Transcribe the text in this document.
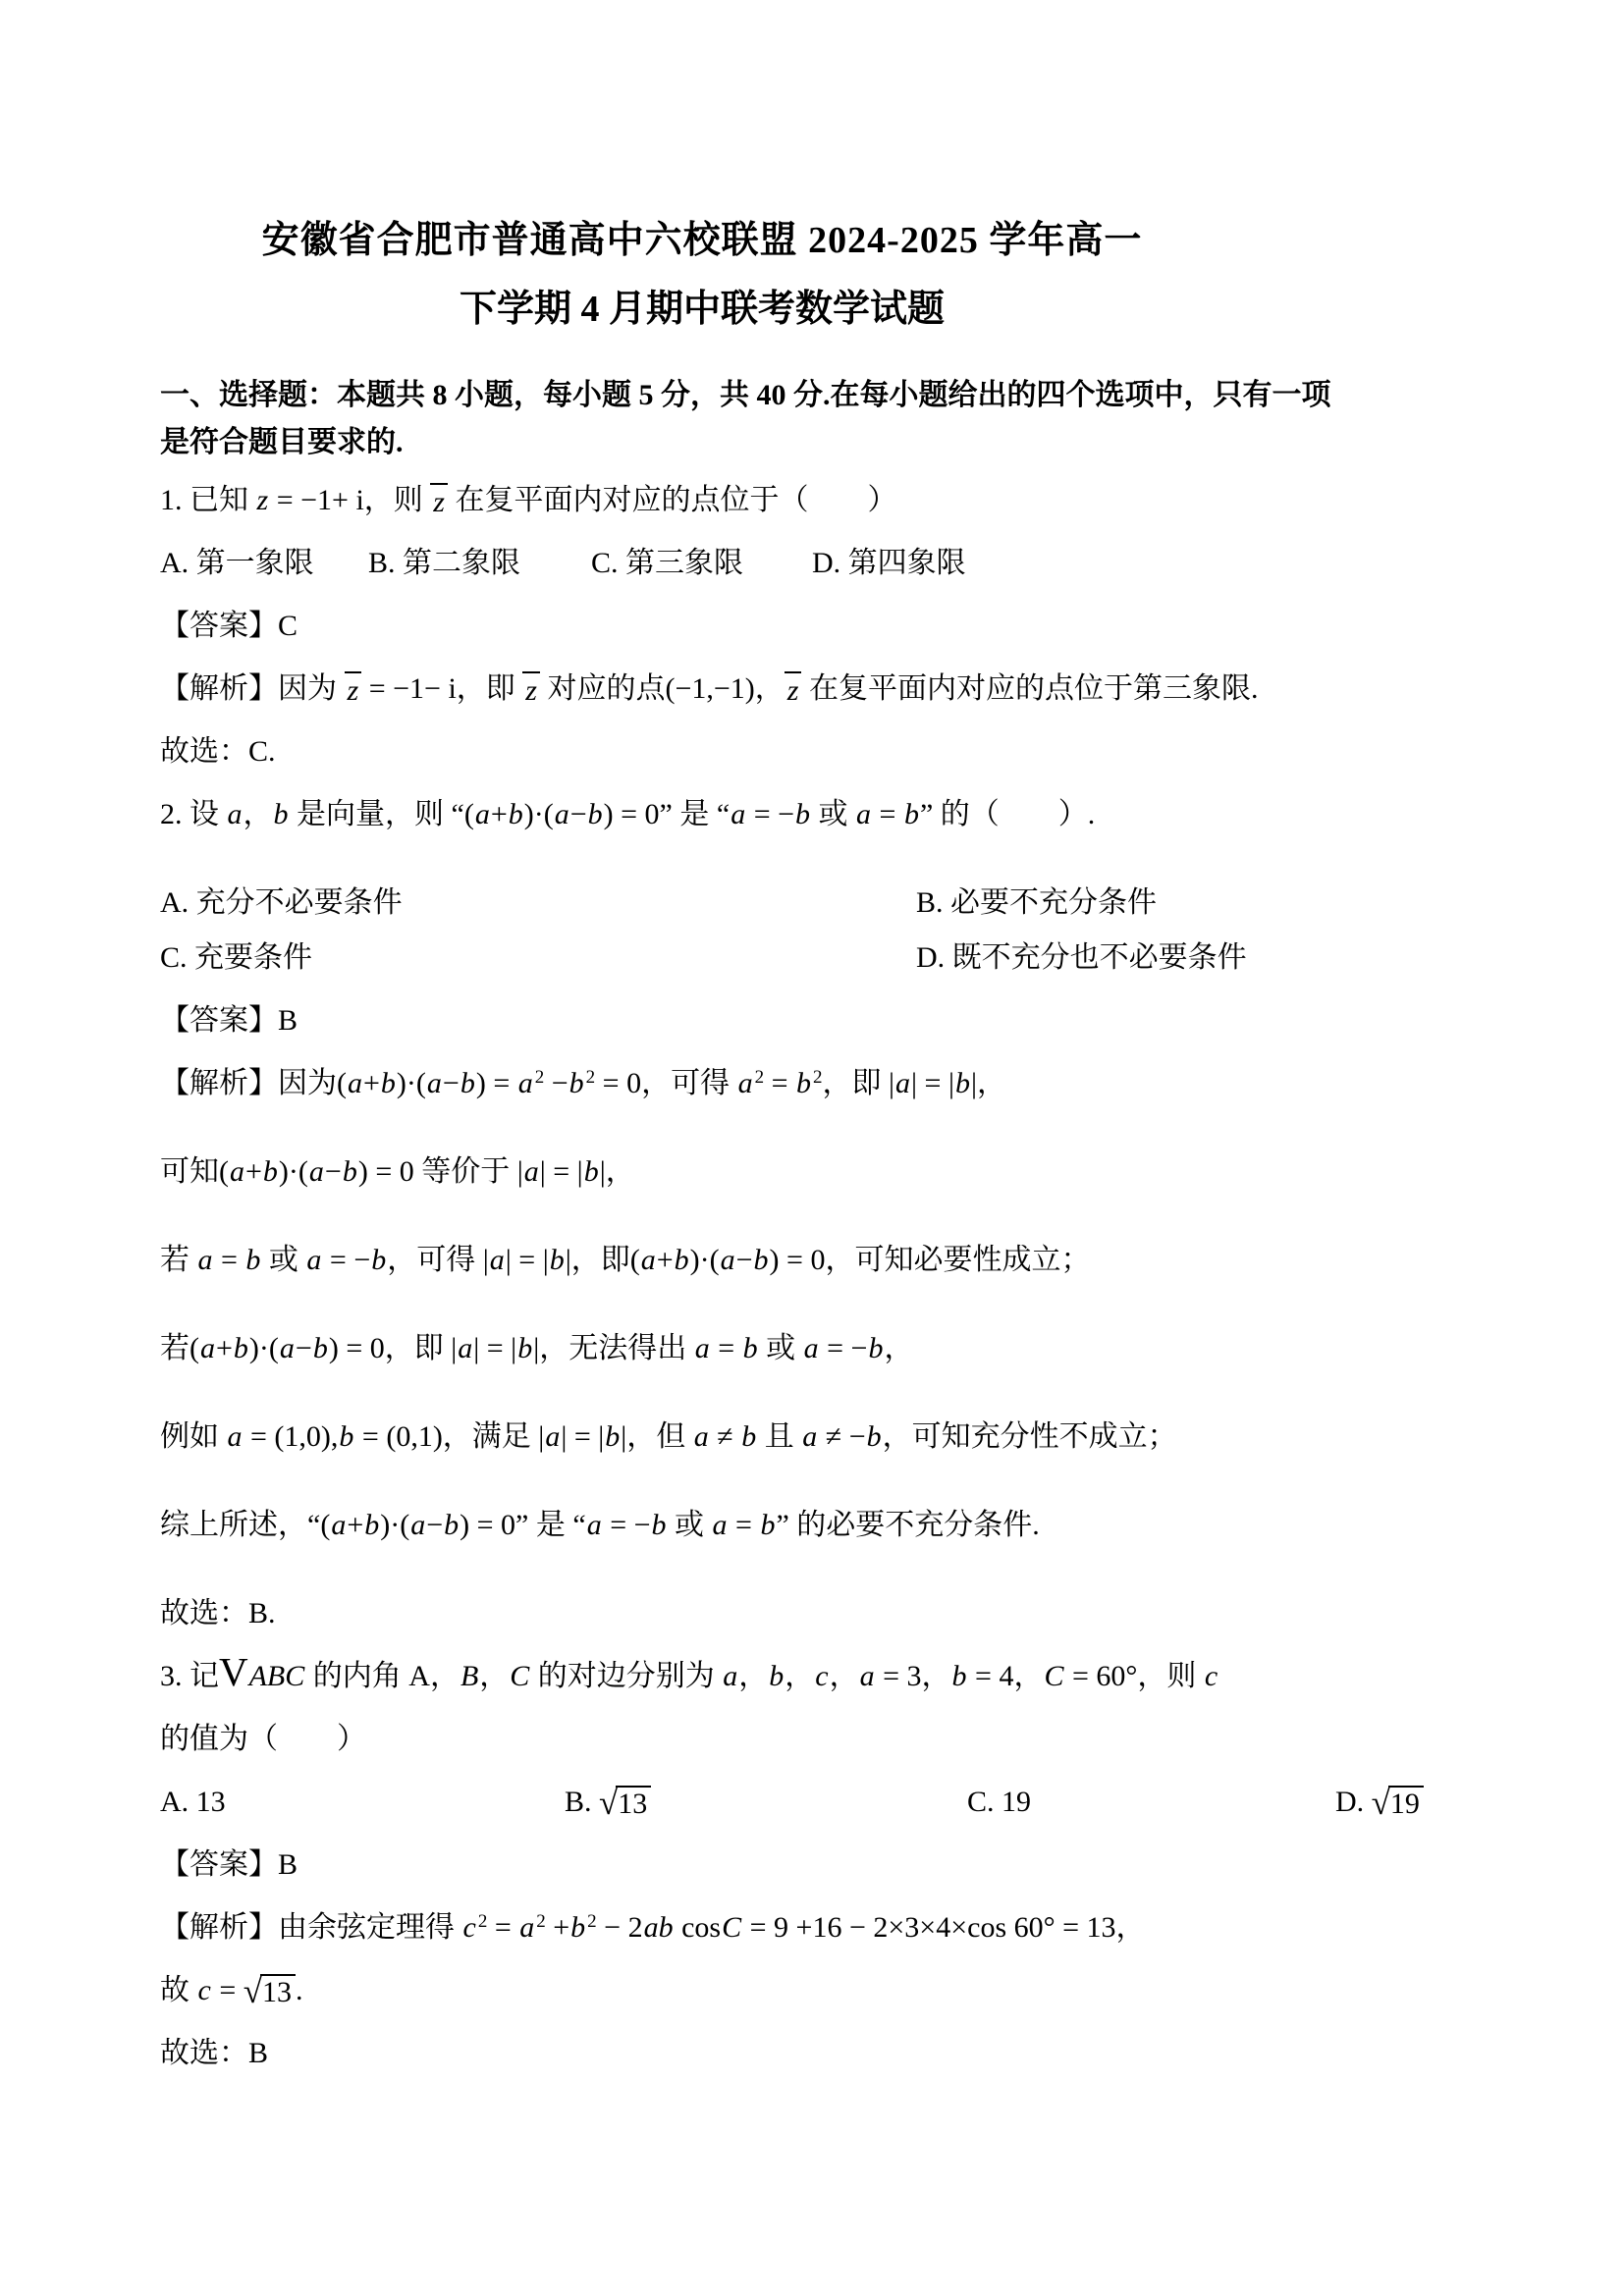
安徽省合肥市普通高中六校联盟 2024-2025 学年高一
下学期 4 月期中联考数学试题
一、选择题：本题共 8 小题，每小题 5 分，共 40 分.在每小题给出的四个选项中，只有一项
是符合题目要求的.
1. 已知 z = −1+ i，则 z 在复平面内对应的点位于（　　）
A. 第一象限	B. 第二象限	C. 第三象限	D. 第四象限
【答案】C
【解析】因为 z = −1− i，即 z 对应的点(−1,−1)， z 在复平面内对应的点位于第三象限.
故选：C.
2. 设 a，b 是向量，则 “(a+b)·(a−b) = 0” 是 “a = −b 或 a = b” 的（　　）.
A. 充分不必要条件	B. 必要不充分条件
C. 充要条件	D. 既不充分也不必要条件
【答案】B
【解析】因为(a+b)·(a−b) = a $^2$ −b $^2$ = 0，可得 a $^2$ = b $^2$，即 |a| = |b|，
可知(a+b)·(a−b) = 0 等价于 |a| = |b|，
若 a = b 或 a = −b，可得 |a| = |b|，即(a+b)·(a−b) = 0，可知必要性成立；
若(a+b)·(a−b) = 0，即 |a| = |b|，无法得出 a = b 或 a = −b，
例如 a = (1,0),b = (0,1)，满足 |a| = |b|，但 a ≠ b 且 a ≠ −b，可知充分性不成立；
综上所述，“(a+b)·(a−b) = 0” 是 “a = −b 或 a = b” 的必要不充分条件.
故选：B.
3. 记VABC 的内角 A，B，C 的对边分别为 a，b，c，a = 3，b = 4，C = 60°，则 c
的值为（　　）
A. 13	B. √ 13	C. 19	D. √ 19
【答案】B
【解析】由余弦定理得 c $^2$ = a $^2$ +b $^2$ − 2ab cosC = 9 +16 − 2×3×4×cos 60° = 13，
故 c = √ 13 .
故选：B
